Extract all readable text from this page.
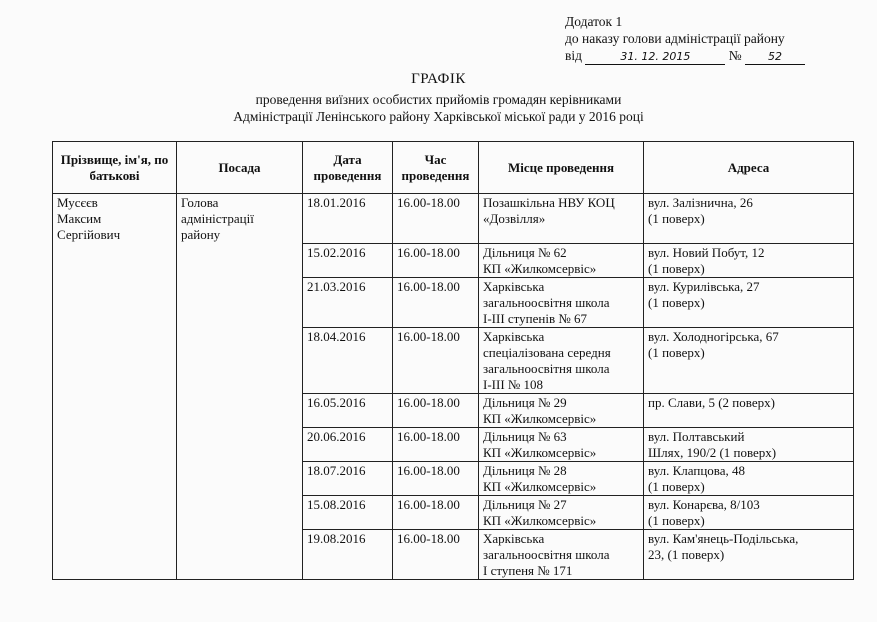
Додаток 1
до наказу голови адміністрації району
від	31. 12. 2015	№ 52
ГРАФІК
проведення виїзних особистих прийомів громадян керівниками
Адміністрації Ленінського району Харківської міської ради у 2016 році
Прізвище, ім'я, по батькові	Посада	Дата проведення	Час проведення	Місце проведення	Адреса
Мусєєв
Максим
Сергійович	Голова
адміністрації
району	18.01.2016	16.00-18.00	Позашкільна НВУ КОЦ
«Дозвілля»	вул. Залізнична, 26
(1 поверх)
		15.02.2016	16.00-18.00	Дільниця № 62
КП «Жилкомсервіс»	вул. Новий Побут, 12
(1 поверх)
		21.03.2016	16.00-18.00	Харківська
загальноосвітня школа
І-ІІІ ступенів № 67	вул. Курилівська, 27
(1 поверх)
		18.04.2016	16.00-18.00	Харківська
спеціалізована середня
загальноосвітня школа
І-ІІІ № 108	вул. Холодногірська, 67
(1 поверх)
		16.05.2016	16.00-18.00	Дільниця № 29
КП «Жилкомсервіс»	пр. Слави, 5 (2 поверх)
		20.06.2016	16.00-18.00	Дільниця № 63
КП «Жилкомсервіс»	вул. Полтавський
Шлях, 190/2 (1 поверх)
		18.07.2016	16.00-18.00	Дільниця № 28
КП «Жилкомсервіс»	вул. Клапцова, 48
(1 поверх)
		15.08.2016	16.00-18.00	Дільниця № 27
КП «Жилкомсервіс»	вул. Конарєва, 8/103
(1 поверх)
		19.08.2016	16.00-18.00	Харківська
загальноосвітня школа
І ступеня № 171	вул. Кам'янець-Подільська,
23, (1 поверх)
